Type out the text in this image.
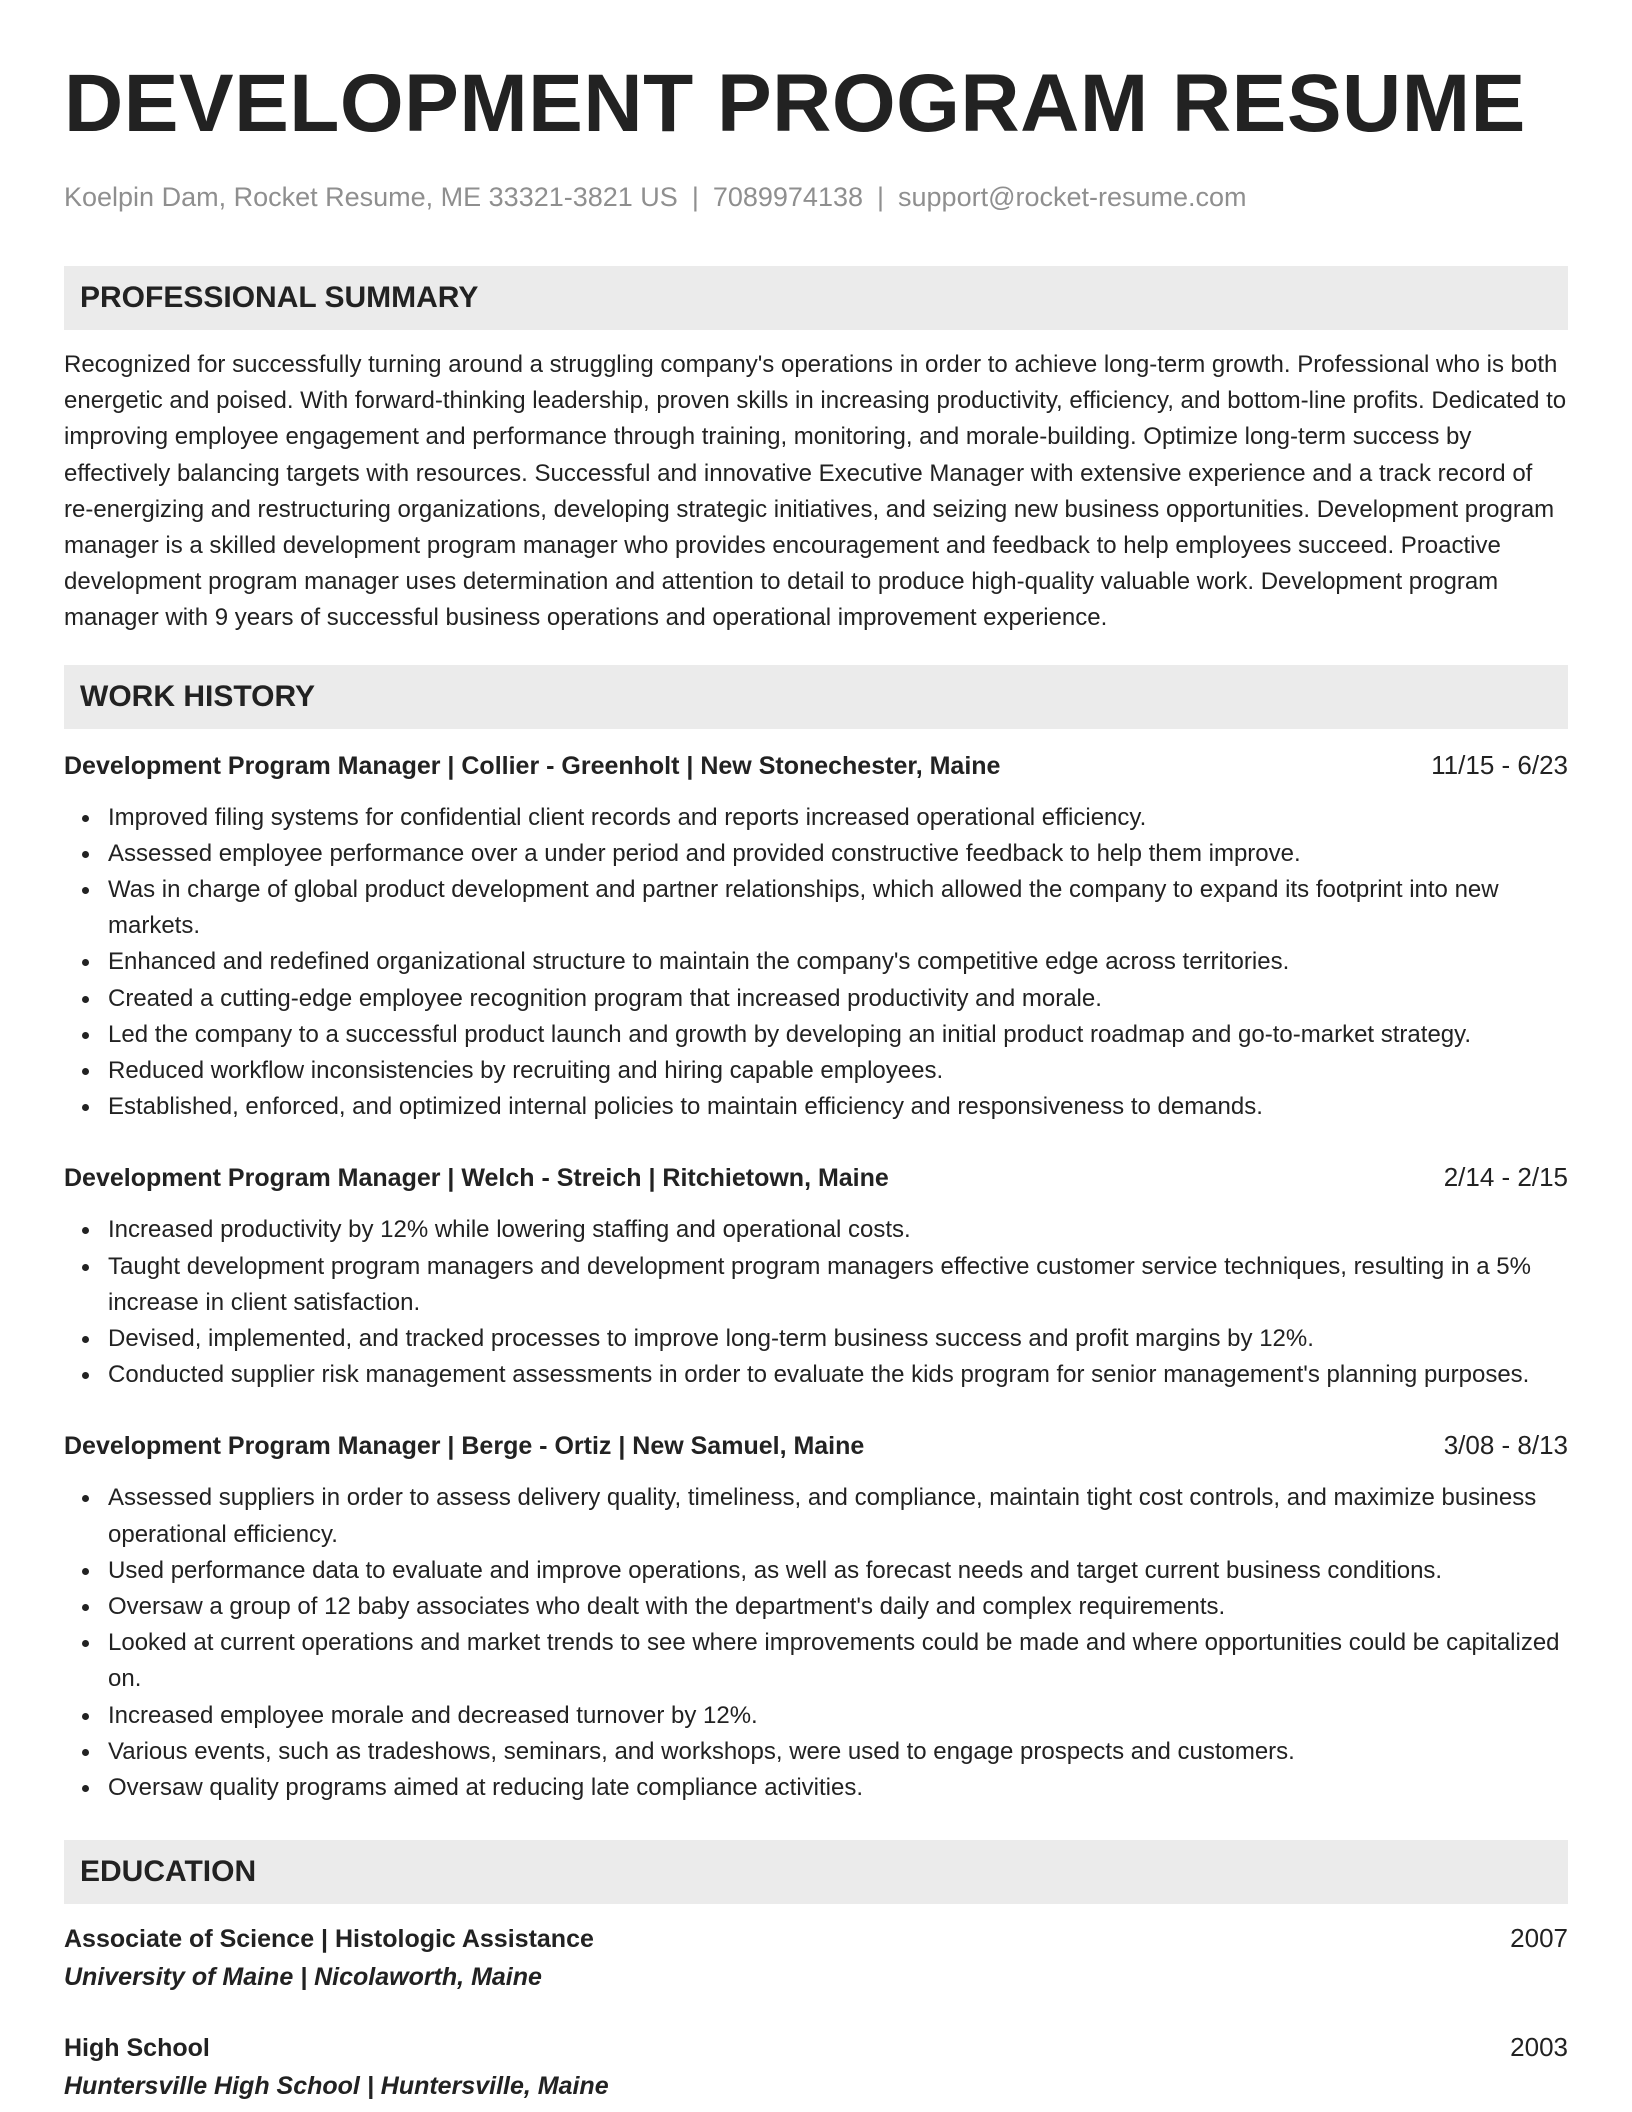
DEVELOPMENT PROGRAM RESUME
Koelpin Dam, Rocket Resume, ME 33321-3821 US | 7089974138 | support@rocket-resume.com
PROFESSIONAL SUMMARY
Recognized for successfully turning around a struggling company's operations in order to achieve long-term growth. Professional who is both energetic and poised. With forward-thinking leadership, proven skills in increasing productivity, efficiency, and bottom-line profits. Dedicated to improving employee engagement and performance through training, monitoring, and morale-building. Optimize long-term success by effectively balancing targets with resources. Successful and innovative Executive Manager with extensive experience and a track record of re-energizing and restructuring organizations, developing strategic initiatives, and seizing new business opportunities. Development program manager is a skilled development program manager who provides encouragement and feedback to help employees succeed. Proactive development program manager uses determination and attention to detail to produce high-quality valuable work. Development program manager with 9 years of successful business operations and operational improvement experience.
WORK HISTORY
Development Program Manager | Collier - Greenholt | New Stonechester, Maine	11/15 - 6/23
Improved filing systems for confidential client records and reports increased operational efficiency.
Assessed employee performance over a under period and provided constructive feedback to help them improve.
Was in charge of global product development and partner relationships, which allowed the company to expand its footprint into new markets.
Enhanced and redefined organizational structure to maintain the company's competitive edge across territories.
Created a cutting-edge employee recognition program that increased productivity and morale.
Led the company to a successful product launch and growth by developing an initial product roadmap and go-to-market strategy.
Reduced workflow inconsistencies by recruiting and hiring capable employees.
Established, enforced, and optimized internal policies to maintain efficiency and responsiveness to demands.
Development Program Manager | Welch - Streich | Ritchietown, Maine	2/14 - 2/15
Increased productivity by 12% while lowering staffing and operational costs.
Taught development program managers and development program managers effective customer service techniques, resulting in a 5% increase in client satisfaction.
Devised, implemented, and tracked processes to improve long-term business success and profit margins by 12%.
Conducted supplier risk management assessments in order to evaluate the kids program for senior management's planning purposes.
Development Program Manager | Berge - Ortiz | New Samuel, Maine	3/08 - 8/13
Assessed suppliers in order to assess delivery quality, timeliness, and compliance, maintain tight cost controls, and maximize business operational efficiency.
Used performance data to evaluate and improve operations, as well as forecast needs and target current business conditions.
Oversaw a group of 12 baby associates who dealt with the department's daily and complex requirements.
Looked at current operations and market trends to see where improvements could be made and where opportunities could be capitalized on.
Increased employee morale and decreased turnover by 12%.
Various events, such as tradeshows, seminars, and workshops, were used to engage prospects and customers.
Oversaw quality programs aimed at reducing late compliance activities.
EDUCATION
Associate of Science | Histologic Assistance	2007
University of Maine | Nicolaworth, Maine
High School	2003
Huntersville High School | Huntersville, Maine
